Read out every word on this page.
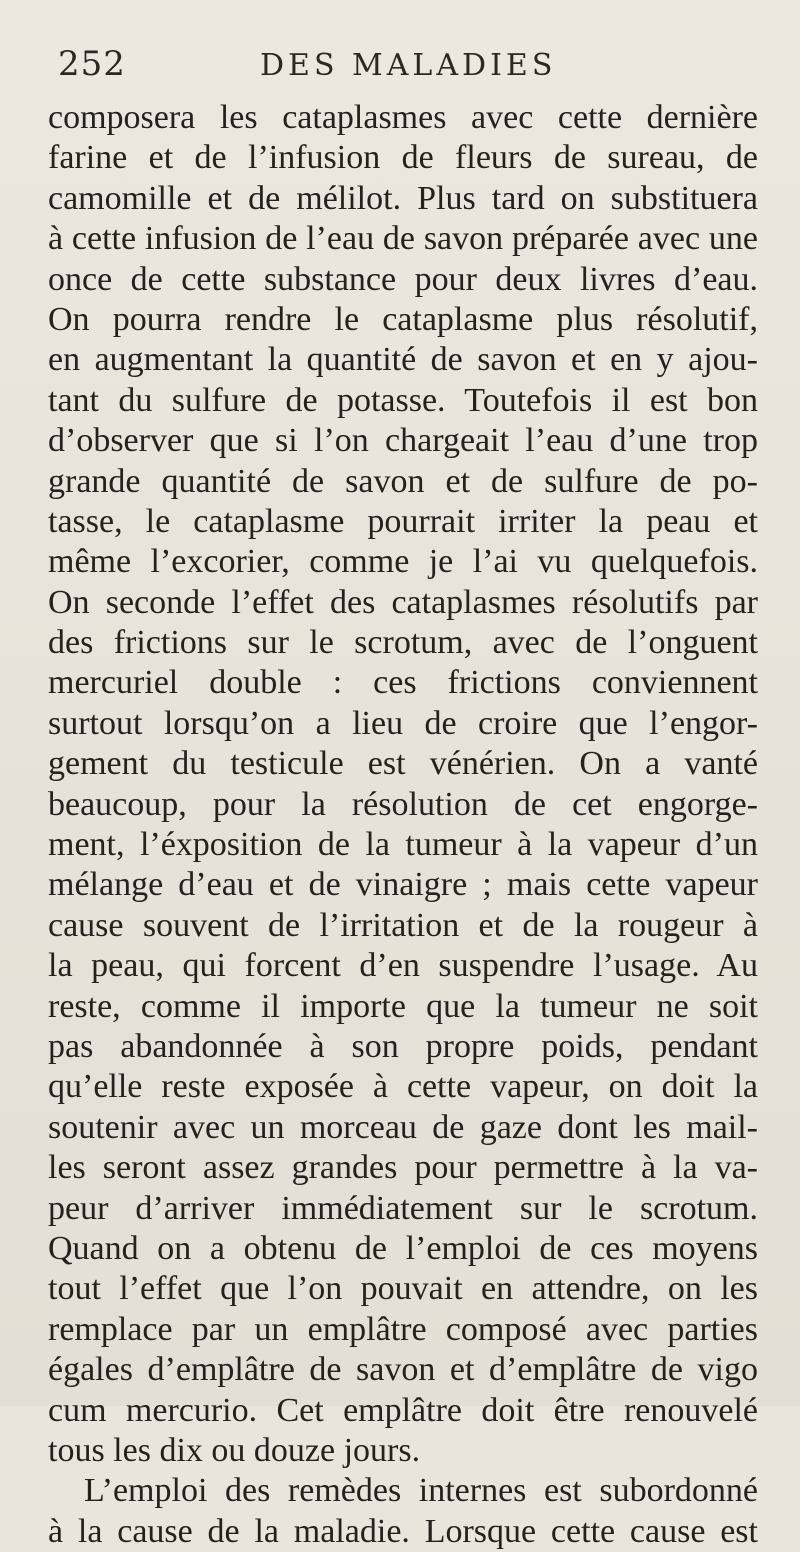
252	DES MALADIES
composera les cataplasmes avec cette dernière
farine et de l’infusion de fleurs de sureau, de
camomille et de mélilot. Plus tard on substituera
à cette infusion de l’eau de savon préparée avec une
once de cette substance pour deux livres d’eau.
On pourra rendre le cataplasme plus résolutif,
en augmentant la quantité de savon et en y ajou-
tant du sulfure de potasse. Toutefois il est bon
d’observer que si l’on chargeait l’eau d’une trop
grande quantité de savon et de sulfure de po-
tasse, le cataplasme pourrait irriter la peau et
même l’excorier, comme je l’ai vu quelquefois.
On seconde l’effet des cataplasmes résolutifs par
des frictions sur le scrotum, avec de l’onguent
mercuriel double : ces frictions conviennent
surtout lorsqu’on a lieu de croire que l’engor-
gement du testicule est vénérien. On a vanté
beaucoup, pour la résolution de cet engorge-
ment, l’éxposition de la tumeur à la vapeur d’un
mélange d’eau et de vinaigre ; mais cette vapeur
cause souvent de l’irritation et de la rougeur à
la peau, qui forcent d’en suspendre l’usage. Au
reste, comme il importe que la tumeur ne soit
pas abandonnée à son propre poids, pendant
qu’elle reste exposée à cette vapeur, on doit la
soutenir avec un morceau de gaze dont les mail-
les seront assez grandes pour permettre à la va-
peur d’arriver immédiatement sur le scrotum.
Quand on a obtenu de l’emploi de ces moyens
tout l’effet que l’on pouvait en attendre, on les
remplace par un emplâtre composé avec parties
égales d’emplâtre de savon et d’emplâtre de vigo
cum mercurio. Cet emplâtre doit être renouvelé
tous les dix ou douze jours.
L’emploi des remèdes internes est subordonné
à la cause de la maladie. Lorsque cette cause est
